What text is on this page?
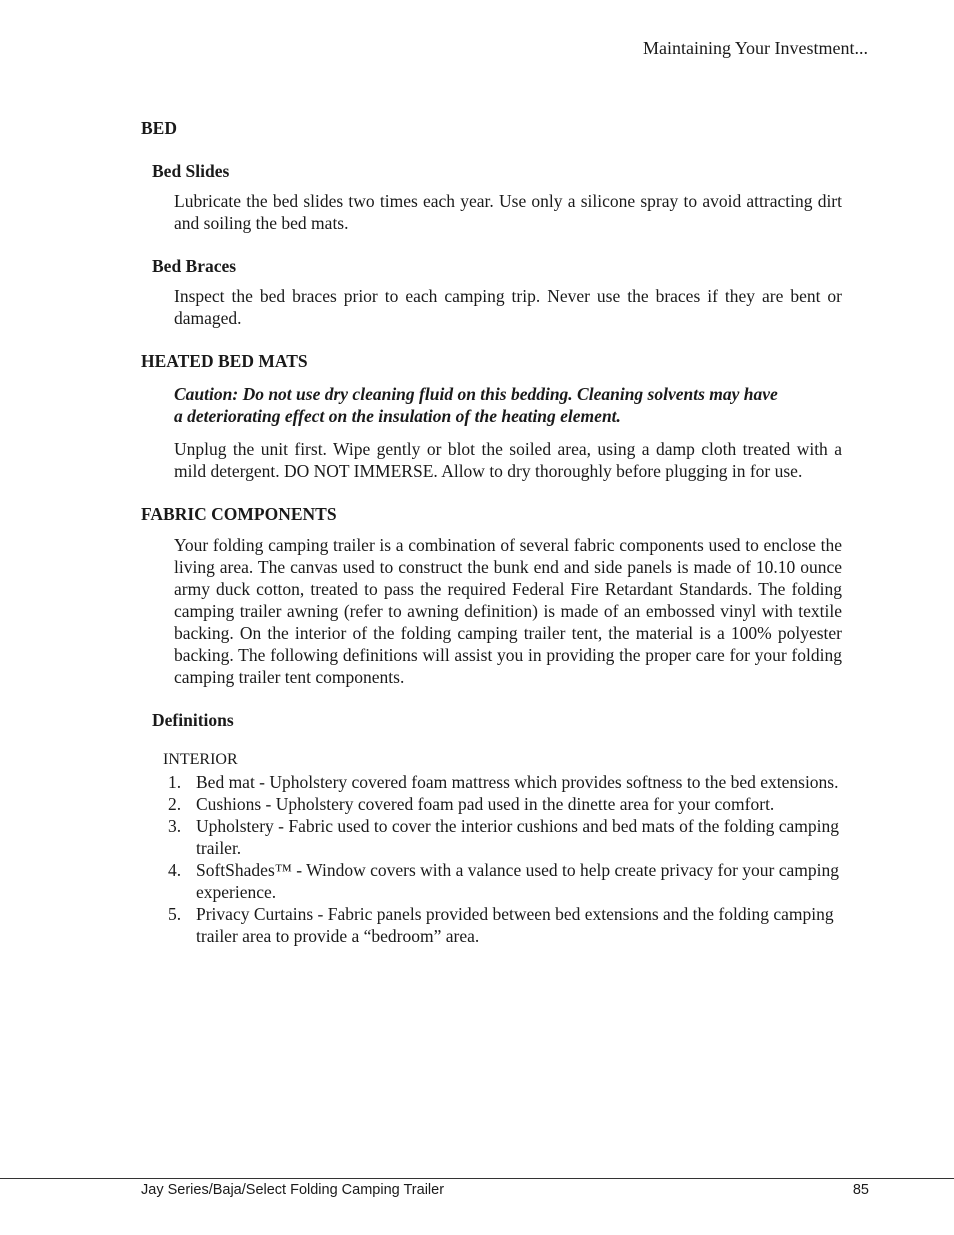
Maintaining Your Investment...
BED
Bed Slides
Lubricate the bed slides two times each year. Use only a silicone spray to avoid attracting dirt and soiling the bed mats.
Bed Braces
Inspect the bed braces prior to each camping trip. Never use the braces if they are bent or damaged.
HEATED BED MATS
Caution: Do not use dry cleaning fluid on this bedding. Cleaning solvents may have
a deteriorating effect on the insulation of the heating element.
Unplug the unit first. Wipe gently or blot the soiled area, using a damp cloth treated with a mild detergent. DO NOT IMMERSE. Allow to dry thoroughly before plugging in for use.
FABRIC COMPONENTS
Your folding camping trailer is a combination of several fabric components used to enclose the living area. The canvas used to construct the bunk end and side panels is made of 10.10 ounce army duck cotton, treated to pass the required Federal Fire Retardant Standards. The folding camping trailer awning (refer to awning definition) is made of an embossed vinyl with textile backing. On the interior of the folding camping trailer tent, the material is a 100% polyester backing. The following definitions will assist you in providing the proper care for your folding camping trailer tent components.
Definitions
INTERIOR
1. Bed mat - Upholstery covered foam mattress which provides softness to the bed extensions.
2. Cushions - Upholstery covered foam pad used in the dinette area for your comfort.
3. Upholstery - Fabric used to cover the interior cushions and bed mats of the folding camping trailer.
4. SoftShades™ - Window covers with a valance used to help create privacy for your camping experience.
5. Privacy Curtains - Fabric panels provided between bed extensions and the folding camping trailer area to provide a “bedroom” area.
Jay Series/Baja/Select Folding Camping Trailer	85
